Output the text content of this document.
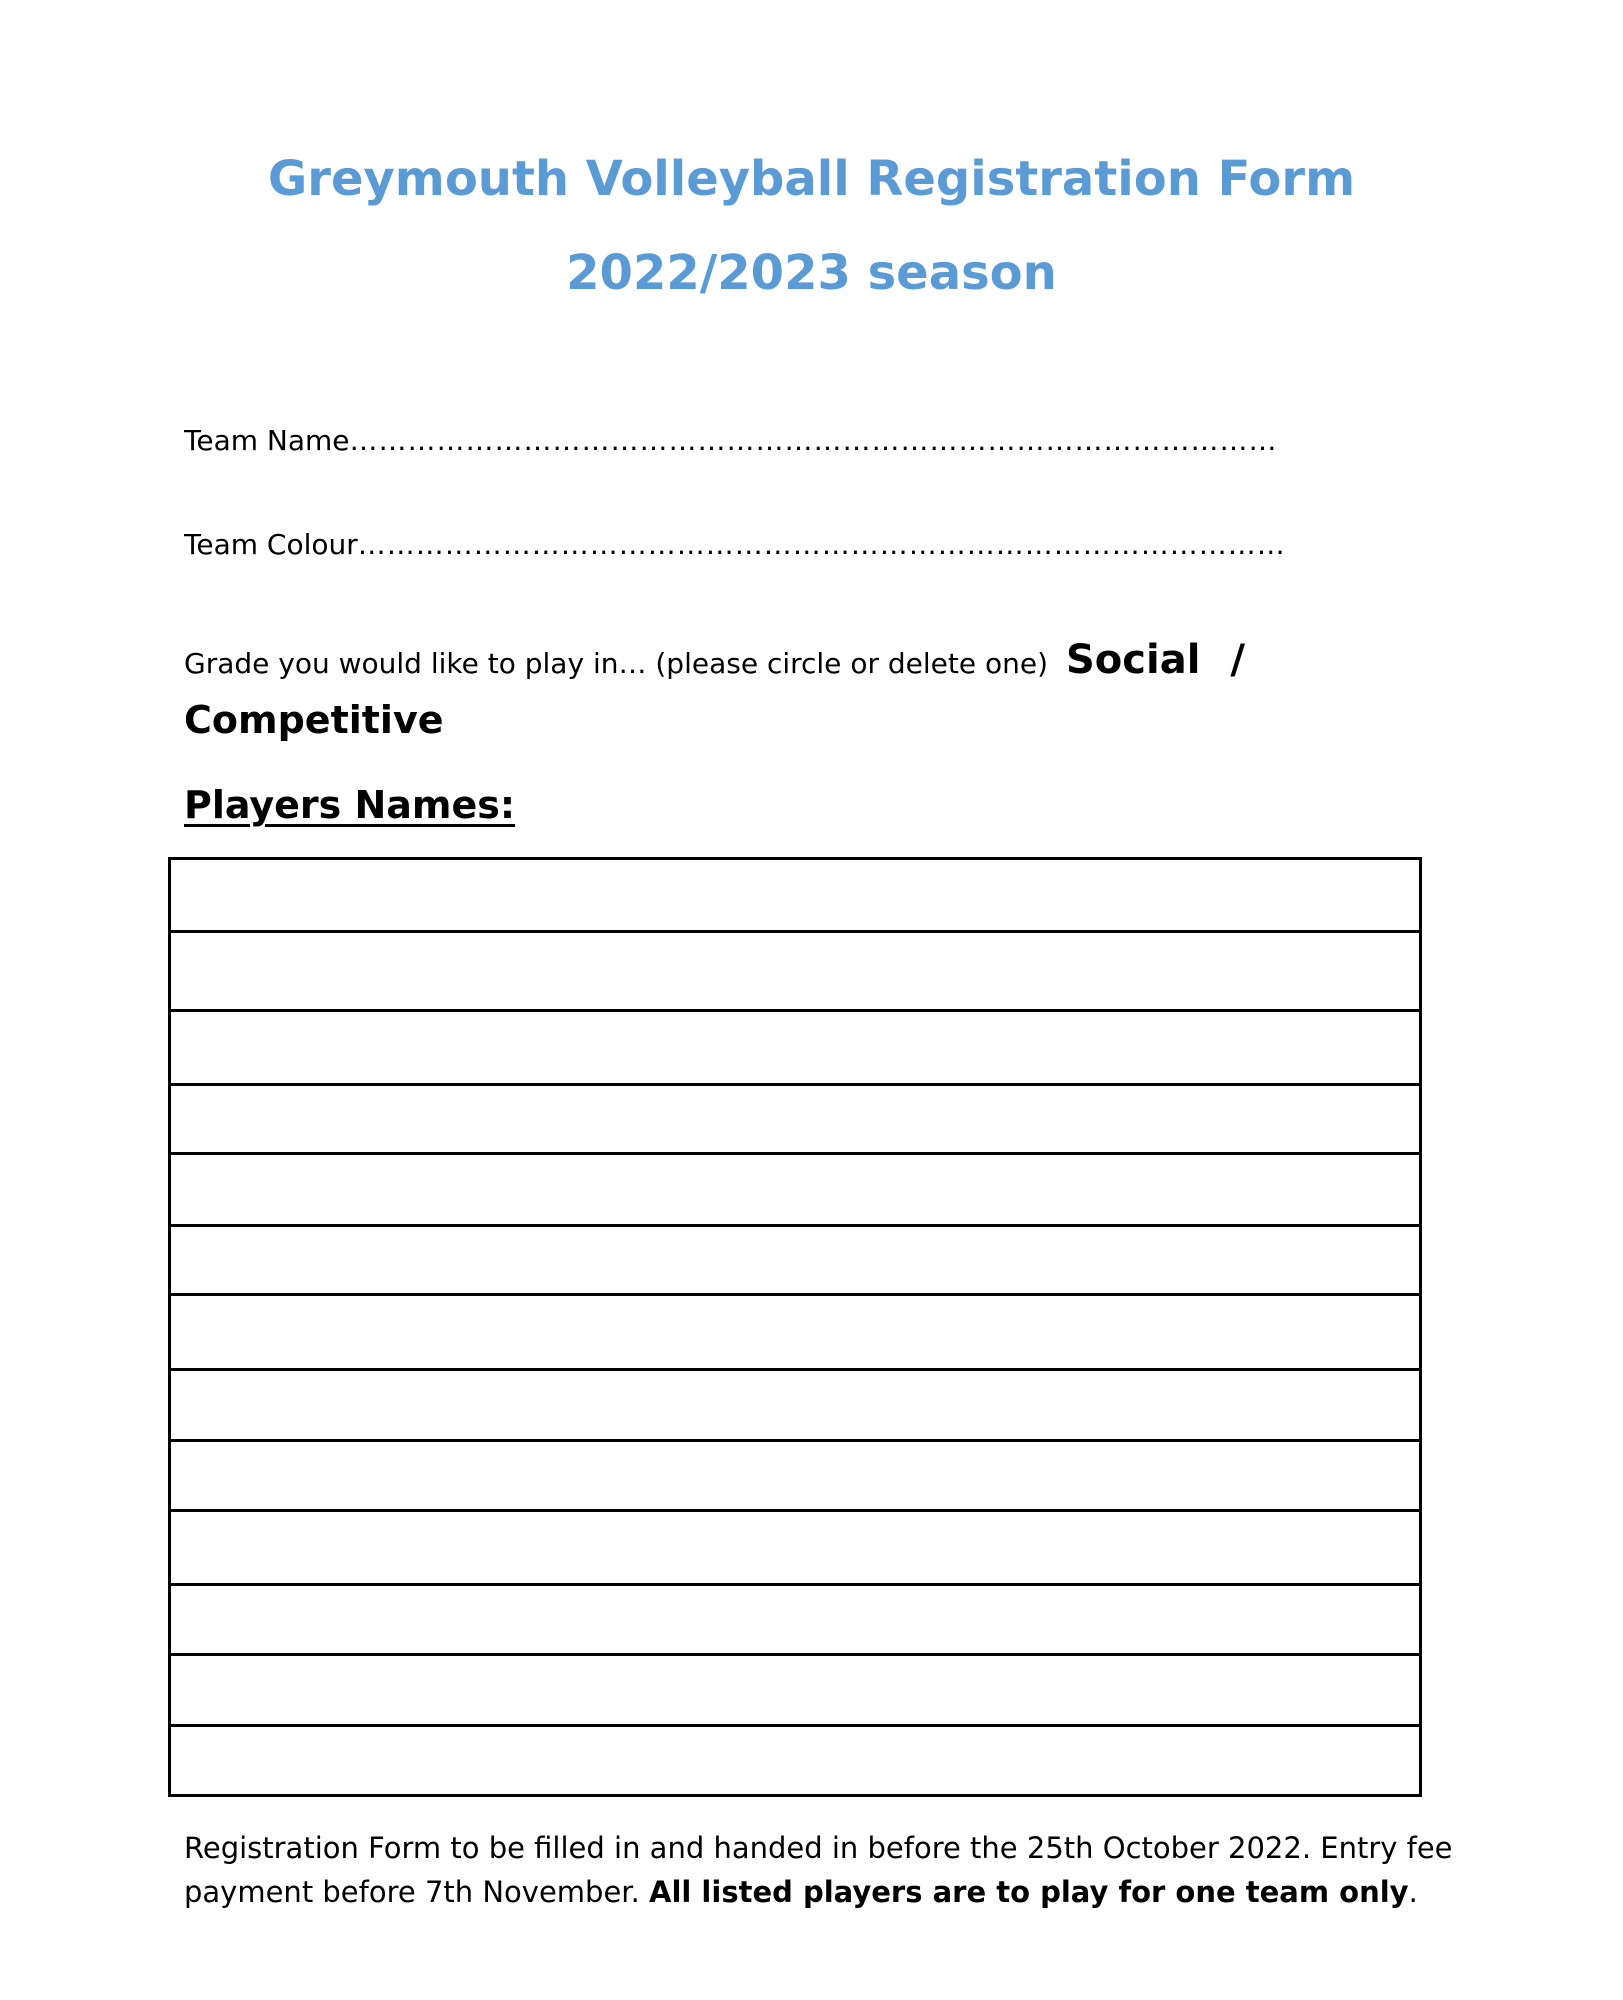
Greymouth Volleyball Registration Form
2022/2023 season
Team Name……………………………………………………………………………………
Team Colour……………………………………………………………………………………
Grade you would like to play in… (please circle or delete one) Social /
Competitive
Players Names:

Registration Form to be filled in and handed in before the 25th October 2022. Entry fee payment before 7th November. All listed players are to play for one team only.
